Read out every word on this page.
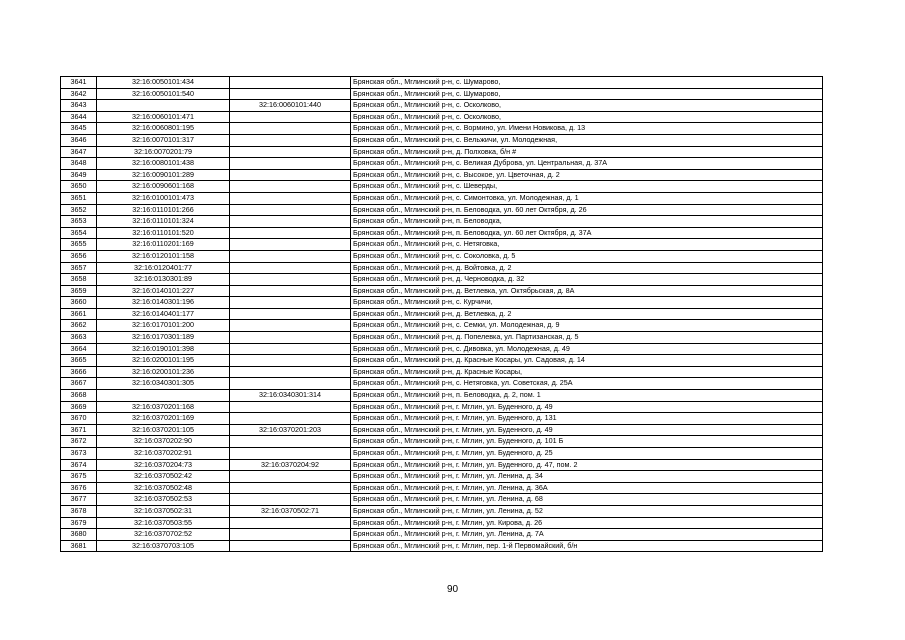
3641	32:16:0050101:434		Брянская обл., Мглинский р-н, с. Шумарово,
3642	32:16:0050101:540		Брянская обл., Мглинский р-н, с. Шумарово,
3643		32:16:0060101:440	Брянская обл., Мглинский р-н, с. Осколково,
3644	32:16:0060101:471		Брянская обл., Мглинский р-н, с. Осколково,
3645	32:16:0060801:195		Брянская обл., Мглинский р-н, с. Вормино, ул. Имени Новикова, д. 13
3646	32:16:0070101:317		Брянская обл., Мглинский р-н, с. Вельжичи, ул. Молодежная,
3647	32:16:0070201:79		Брянская обл., Мглинский р-н, д. Полховка, б/н #
3648	32:16:0080101:438		Брянская обл., Мглинский р-н, с. Великая Дуброва, ул. Центральная, д. 37А
3649	32:16:0090101:289		Брянская обл., Мглинский р-н, с. Высокое, ул. Цветочная, д. 2
3650	32:16:0090601:168		Брянская обл., Мглинский р-н, с. Шеверды,
3651	32:16:0100101:473		Брянская обл., Мглинский р-н, с. Симонтовка, ул. Молодежная, д. 1
3652	32:16:0110101:266		Брянская обл., Мглинский р-н, п. Беловодка, ул. 60 лет Октября, д. 26
3653	32:16:0110101:324		Брянская обл., Мглинский р-н, п. Беловодка,
3654	32:16:0110101:520		Брянская обл., Мглинский р-н, п. Беловодка, ул. 60 лет Октября, д. 37А
3655	32:16:0110201:169		Брянская обл., Мглинский р-н, с. Нетяговка,
3656	32:16:0120101:158		Брянская обл., Мглинский р-н, с. Соколовка, д. 5
3657	32:16:0120401:77		Брянская обл., Мглинский р-н, д. Войтовка, д. 2
3658	32:16:0130301:89		Брянская обл., Мглинский р-н, д. Черноводка, д. 32
3659	32:16:0140101:227		Брянская обл., Мглинский р-н, д. Ветлевка, ул. Октябрьская, д. 8А
3660	32:16:0140301:196		Брянская обл., Мглинский р-н, с. Курчичи,
3661	32:16:0140401:177		Брянская обл., Мглинский р-н, д. Ветлевка, д. 2
3662	32:16:0170101:200		Брянская обл., Мглинский р-н, с. Семки, ул. Молодежная, д. 9
3663	32:16:0170301:189		Брянская обл., Мглинский р-н, д. Попелевка, ул. Партизанская, д. 5
3664	32:16:0190101:398		Брянская обл., Мглинский р-н, с. Дивовка, ул. Молодежная, д. 49
3665	32:16:0200101:195		Брянская обл., Мглинский р-н, д. Красные Косары, ул. Садовая, д. 14
3666	32:16:0200101:236		Брянская обл., Мглинский р-н, д. Красные Косары,
3667	32:16:0340301:305		Брянская обл., Мглинский р-н, с. Нетяговка, ул. Советская, д. 25А
3668		32:16:0340301:314	Брянская обл., Мглинский р-н, п. Беловодка, д. 2, пом. 1
3669	32:16:0370201:168		Брянская обл., Мглинский р-н, г. Мглин, ул. Буденного, д. 49
3670	32:16:0370201:169		Брянская обл., Мглинский р-н, г. Мглин, ул. Буденного, д. 131
3671	32:16:0370201:105	32:16:0370201:203	Брянская обл., Мглинский р-н, г. Мглин, ул. Буденного, д. 49
3672	32:16:0370202:90		Брянская обл., Мглинский р-н, г. Мглин, ул. Буденного, д. 101 Б
3673	32:16:0370202:91		Брянская обл., Мглинский р-н, г. Мглин, ул. Буденного, д. 25
3674	32:16:0370204:73	32:16:0370204:92	Брянская обл., Мглинский р-н, г. Мглин, ул. Буденного, д. 47, пом. 2
3675	32:16:0370502:42		Брянская обл., Мглинский р-н, г. Мглин, ул. Ленина, д. 34
3676	32:16:0370502:48		Брянская обл., Мглинский р-н, г. Мглин, ул. Ленина, д. 36А
3677	32:16:0370502:53		Брянская обл., Мглинский р-н, г. Мглин, ул. Ленина, д. 68
3678	32:16:0370502:31	32:16:0370502:71	Брянская обл., Мглинский р-н, г. Мглин, ул. Ленина, д. 52
3679	32:16:0370503:55		Брянская обл., Мглинский р-н, г. Мглин, ул. Кирова, д. 26
3680	32:16:0370702:52		Брянская обл., Мглинский р-н, г. Мглин, ул. Ленина, д. 7А
3681	32:16:0370703:105		Брянская обл., Мглинский р-н, г. Мглин, пер. 1-й Первомайский, б/н
90
